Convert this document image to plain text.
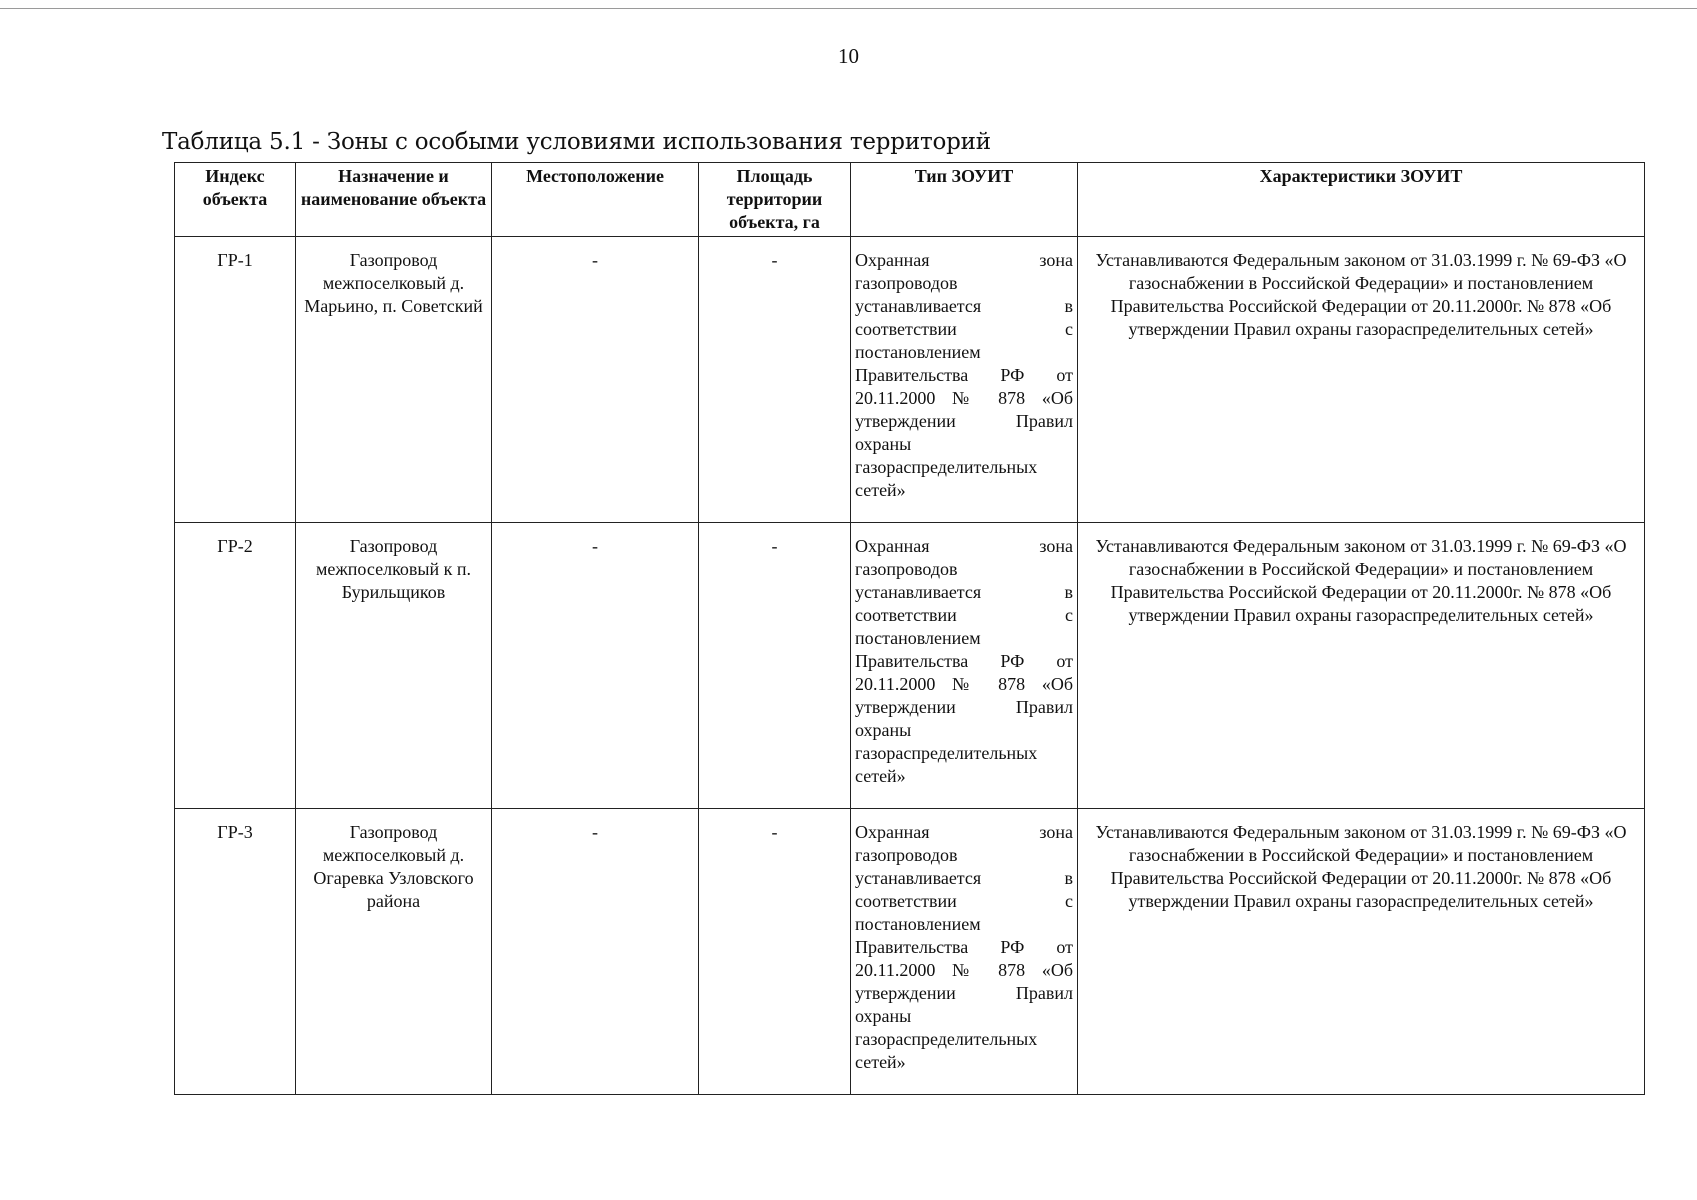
10
Таблица 5.1 - Зоны с особыми условиями использования территорий
Индекс объекта	Назначение и наименование объекта	Местоположение	Площадь территории объекта, га	Тип ЗОУИТ	Характеристики ЗОУИТ
ГР-1	Газопровод межпоселковый д. Марьино, п. Советский	-	-	Охранная зона газопроводов устанавливается в соответствии с постановлением Правительства РФ от 20.11.2000 № 878 «Об утверждении Правил охраны газораспределительных сетей»	Устанавливаются Федеральным законом от 31.03.1999 г. № 69-ФЗ «О газоснабжении в Российской Федерации» и постановлением Правительства Российской Федерации от 20.11.2000г. № 878 «Об утверждении Правил охраны газораспределительных сетей»
ГР-2	Газопровод межпоселковый к п. Бурильщиков	-	-	Охранная зона газопроводов устанавливается в соответствии с постановлением Правительства РФ от 20.11.2000 № 878 «Об утверждении Правил охраны газораспределительных сетей»	Устанавливаются Федеральным законом от 31.03.1999 г. № 69-ФЗ «О газоснабжении в Российской Федерации» и постановлением Правительства Российской Федерации от 20.11.2000г. № 878 «Об утверждении Правил охраны газораспределительных сетей»
ГР-3	Газопровод межпоселковый д. Огаревка Узловского района	-	-	Охранная зона газопроводов устанавливается в соответствии с постановлением Правительства РФ от 20.11.2000 № 878 «Об утверждении Правил охраны газораспределительных сетей»	Устанавливаются Федеральным законом от 31.03.1999 г. № 69-ФЗ «О газоснабжении в Российской Федерации» и постановлением Правительства Российской Федерации от 20.11.2000г. № 878 «Об утверждении Правил охраны газораспределительных сетей»
